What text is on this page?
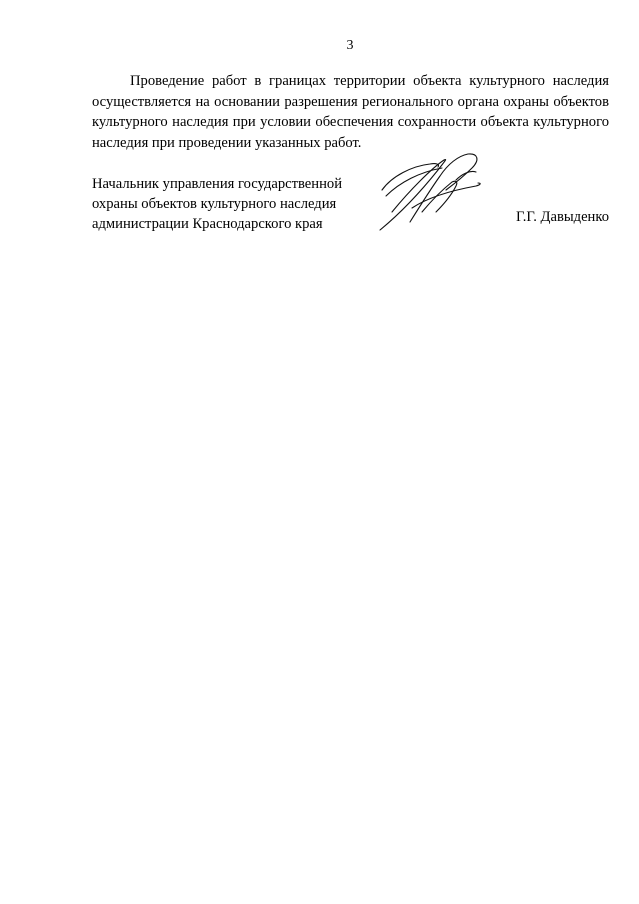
3
Проведение работ в границах территории объекта культурного наследия осуществляется на основании разрешения регионального органа охраны объектов культурного наследия при условии обеспечения сохранности объекта культурного наследия при проведении указанных работ.
Начальник управления государственной
охраны объектов культурного наследия
администрации Краснодарского края	Г.Г. Давыденко
